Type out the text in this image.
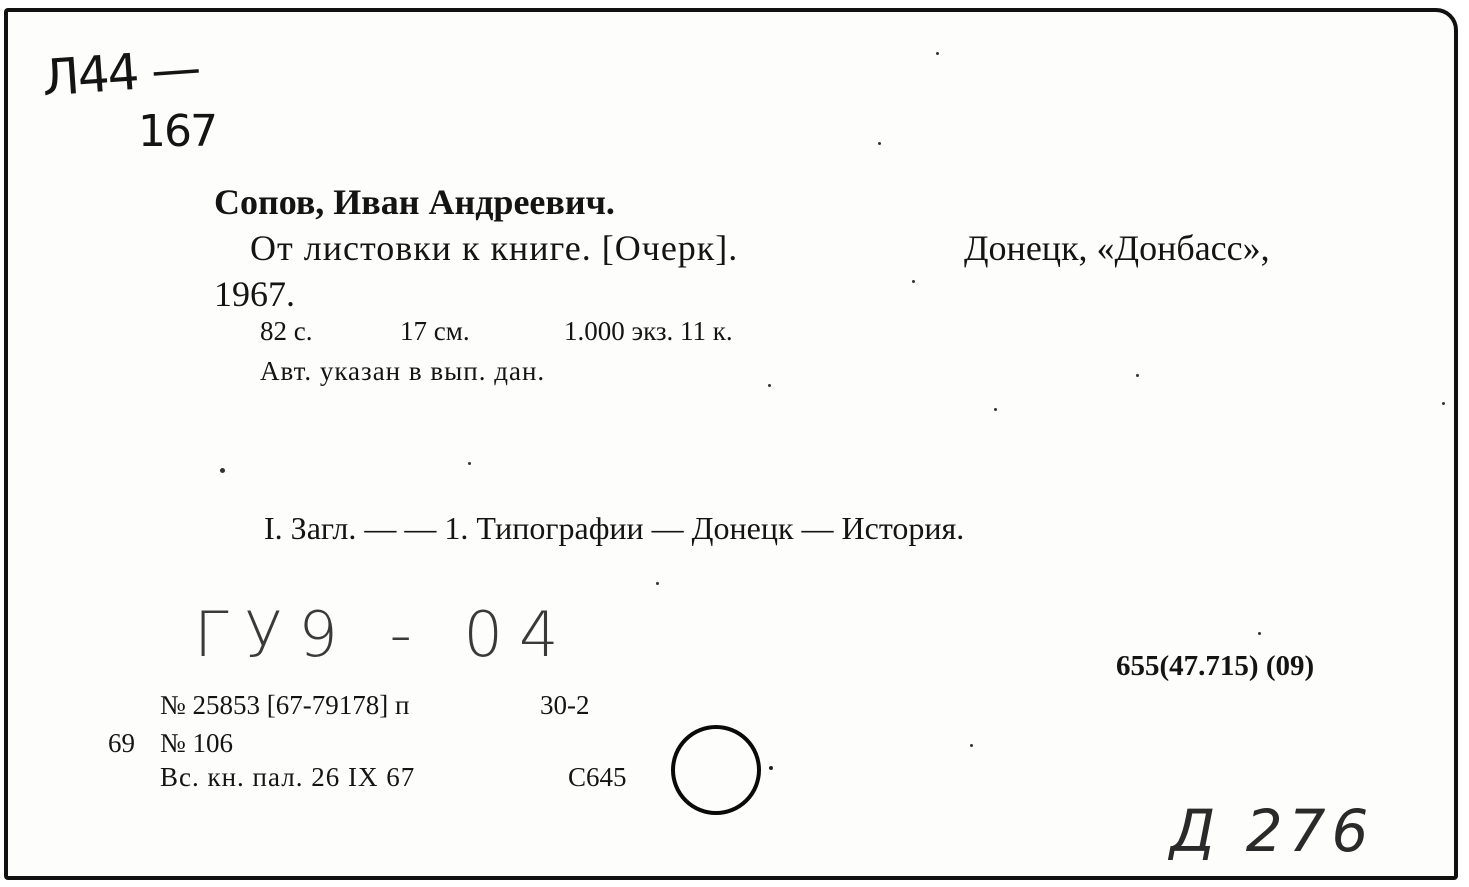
Л44 —
167
Сопов, Иван Андреевич.
От листовки к книге. [Очерк].	Донецк, «Донбасс»,
1967.
82 с.	17 см.	1.000 экз. 11 к.
Авт. указан в вып. дан.
I. Загл. — — 1. Типографии — Донецк — История.
ГУ9 - 04	655(47.715) (09)
№ 25853 [67-79178] п	30-2
69 № 106
Вс. кн. пал. 26 IX 67	С645
Д 276
